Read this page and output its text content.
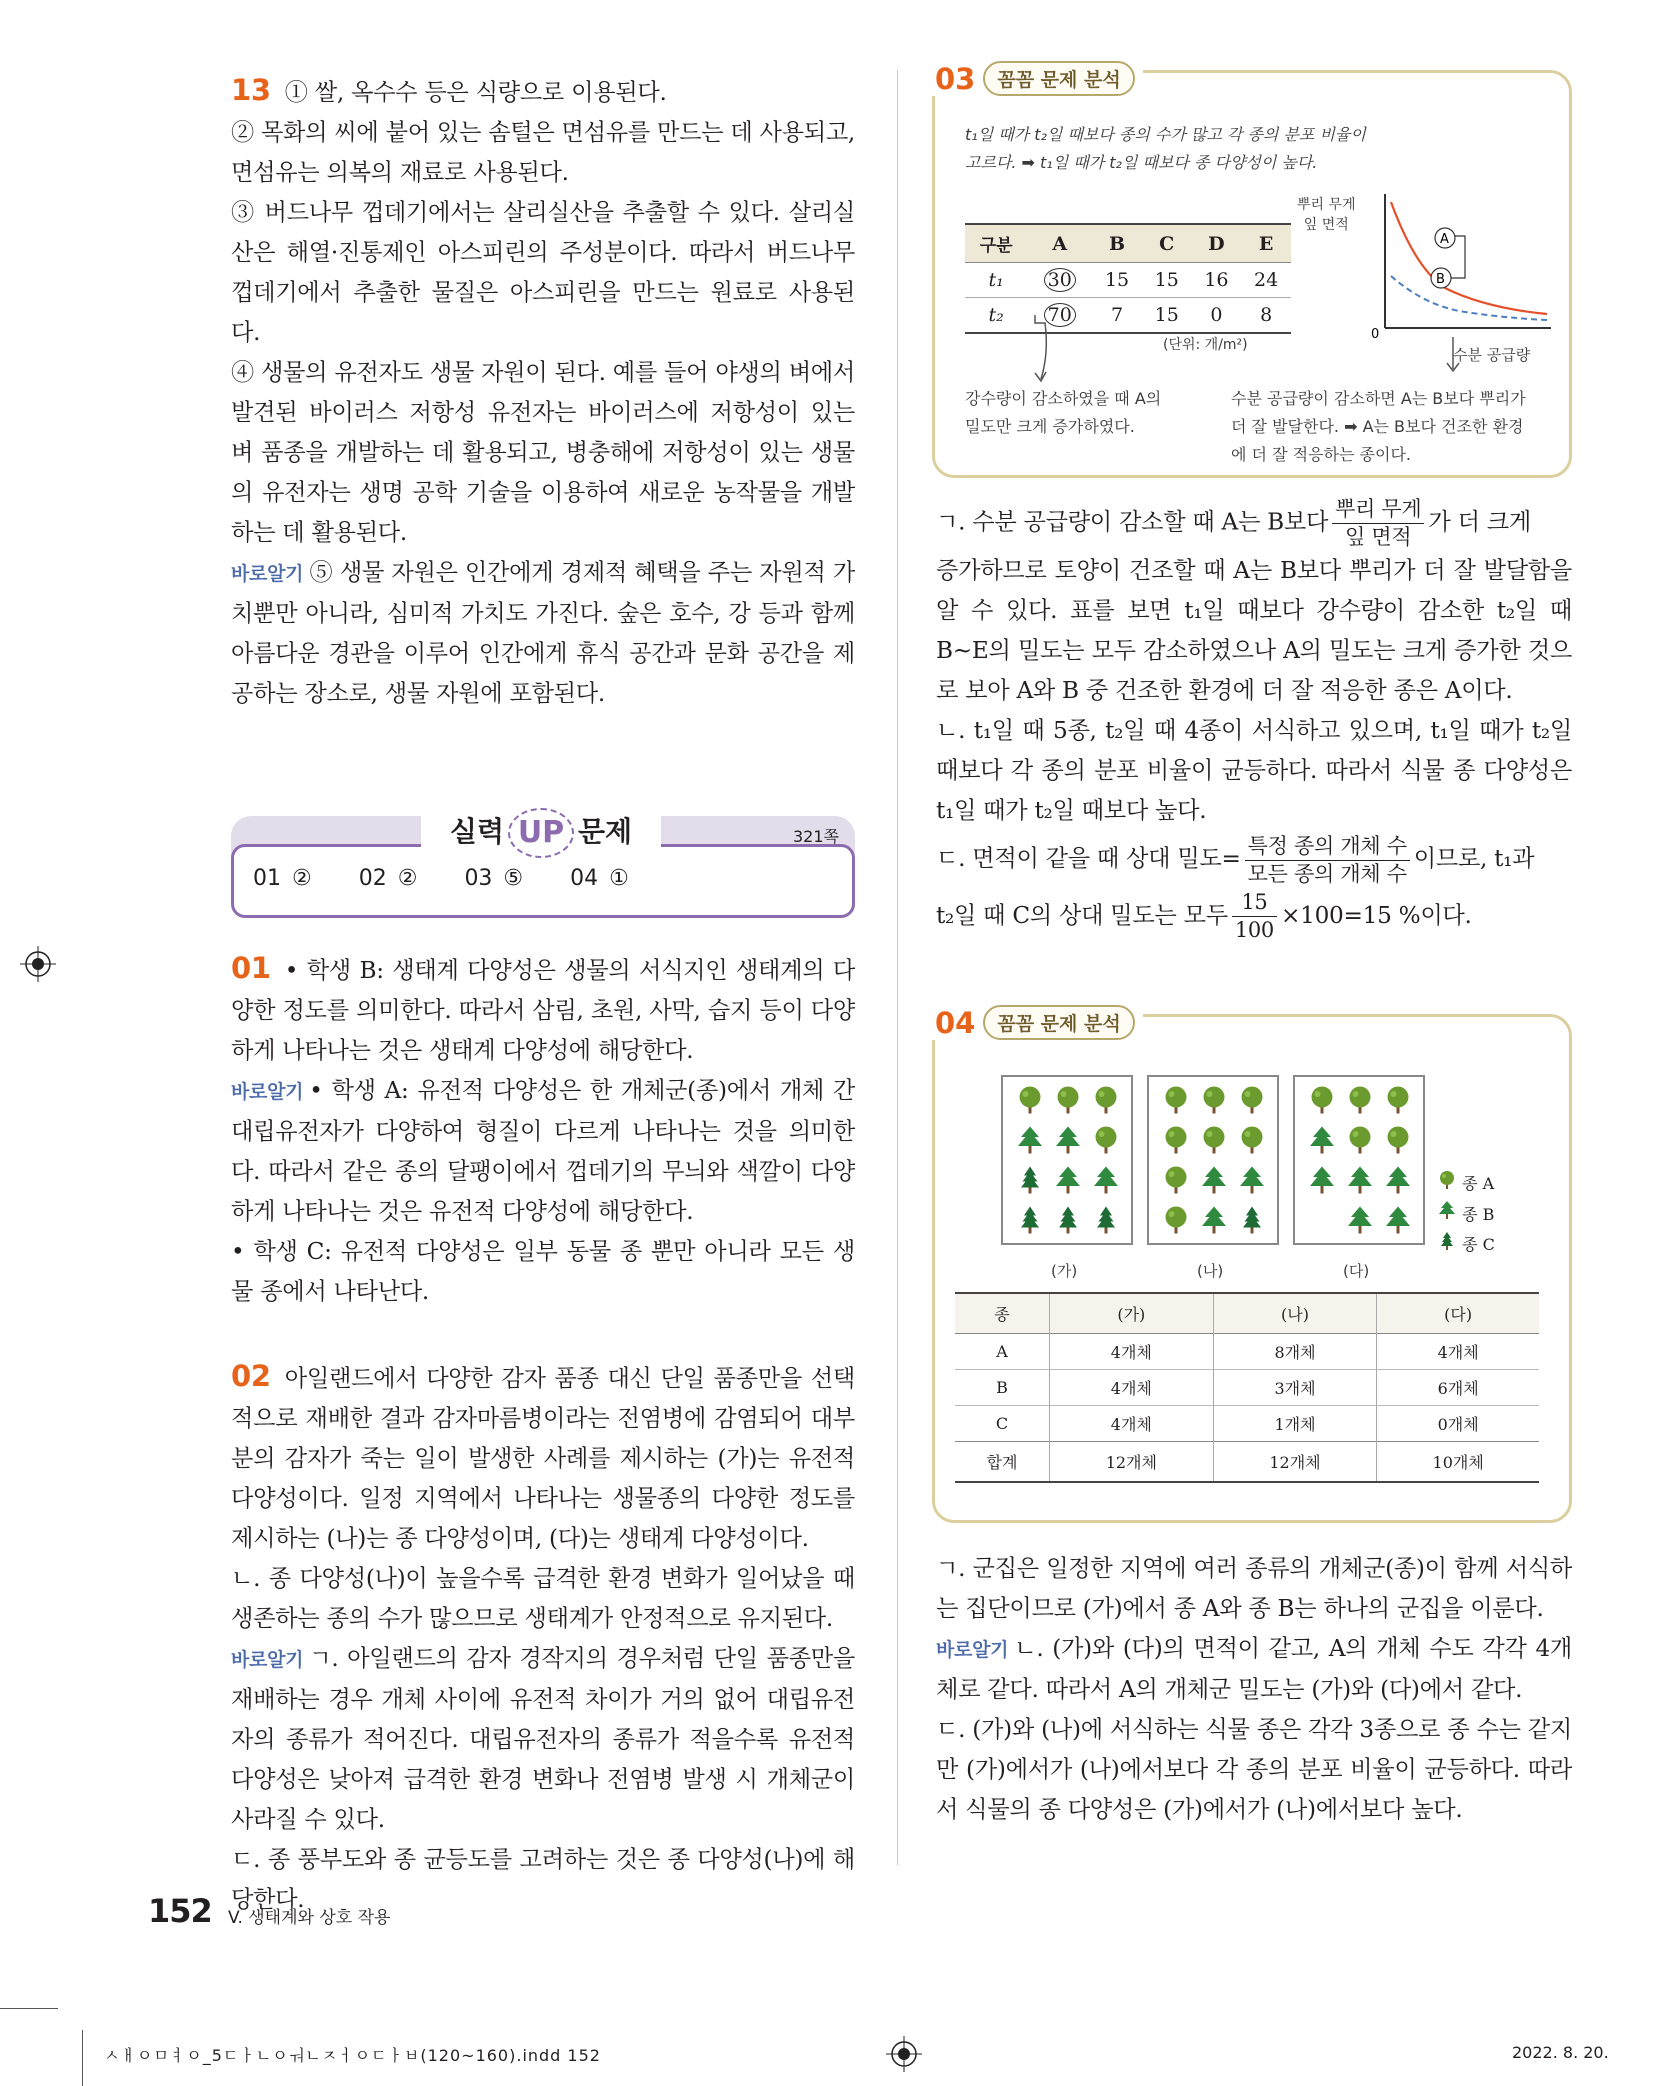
13 ① 쌀, 옥수수 등은 식량으로 이용된다.

② 목화의 씨에 붙어 있는 솜털은 면섬유를 만드는 데 사용되고, 면섬유는 의복의 재료로 사용된다.

③ 버드나무 껍데기에서는 살리실산을 추출할 수 있다. 살리실산은 해열·진통제인 아스피린의 주성분이다. 따라서 버드나무 껍데기에서 추출한 물질은 아스피린을 만드는 원료로 사용된다.

④ 생물의 유전자도 생물 자원이 된다. 예를 들어 야생의 벼에서 발견된 바이러스 저항성 유전자는 바이러스에 저항성이 있는 벼 품종을 개발하는 데 활용되고, 병충해에 저항성이 있는 생물의 유전자는 생명 공학 기술을 이용하여 새로운 농작물을 개발하는 데 활용된다.

바로알기 ⑤ 생물 자원은 인간에게 경제적 혜택을 주는 자원적 가치뿐만 아니라, 심미적 가치도 가진다. 숲은 호수, 강 등과 함께 아름다운 경관을 이루어 인간에게 휴식 공간과 문화 공간을 제공하는 장소로, 생물 자원에 포함된다.

실력 UP 문제	321쪽
01 ② 02 ② 03 ⑤ 04 ①

01 • 학생 B: 생태계 다양성은 생물의 서식지인 생태계의 다양한 정도를 의미한다. 따라서 삼림, 초원, 사막, 습지 등이 다양하게 나타나는 것은 생태계 다양성에 해당한다.

바로알기 • 학생 A: 유전적 다양성은 한 개체군(종)에서 개체 간 대립유전자가 다양하여 형질이 다르게 나타나는 것을 의미한다. 따라서 같은 종의 달팽이에서 껍데기의 무늬와 색깔이 다양하게 나타나는 것은 유전적 다양성에 해당한다.

• 학생 C: 유전적 다양성은 일부 동물 종 뿐만 아니라 모든 생물 종에서 나타난다.

02 아일랜드에서 다양한 감자 품종 대신 단일 품종만을 선택적으로 재배한 결과 감자마름병이라는 전염병에 감염되어 대부분의 감자가 죽는 일이 발생한 사례를 제시하는 (가)는 유전적 다양성이다. 일정 지역에서 나타나는 생물종의 다양한 정도를 제시하는 (나)는 종 다양성이며, (다)는 생태계 다양성이다.

ㄴ. 종 다양성(나)이 높을수록 급격한 환경 변화가 일어났을 때 생존하는 종의 수가 많으므로 생태계가 안정적으로 유지된다.

바로알기 ㄱ. 아일랜드의 감자 경작지의 경우처럼 단일 품종만을 재배하는 경우 개체 사이에 유전적 차이가 거의 없어 대립유전자의 종류가 적어진다. 대립유전자의 종류가 적을수록 유전적 다양성은 낮아져 급격한 환경 변화나 전염병 발생 시 개체군이 사라질 수 있다.

ㄷ. 종 풍부도와 종 균등도를 고려하는 것은 종 다양성(나)에 해당한다.

03	꼼꼼 문제 분석
t₁일 때가 t₂일 때보다 종의 수가 많고 각 종의 분포 비율이
고르다. ➡ t₁일 때가 t₂일 때보다 종 다양성이 높다.
구분	A	B	C	D	E
t₁	30	15	15	16	24
t₂	70	7	15	0	8
(단위: 개/m²)
뿌리 무게
잎 면적
A
B
0
수분 공급량
강수량이 감소하였을 때 A의
밀도만 크게 증가하였다.
수분 공급량이 감소하면 A는 B보다 뿌리가
더 잘 발달한다. ➡ A는 B보다 건조한 환경
에 더 잘 적응하는 종이다.

ㄱ. 수분 공급량이 감소할 때 A는 B보다 $\frac{\text{뿌리 무게}}{\text{잎 면적}}$ 가 더 크게

증가하므로 토양이 건조할 때 A는 B보다 뿌리가 더 잘 발달함을 알 수 있다. 표를 보면 t₁일 때보다 강수량이 감소한 t₂일 때 B~E의 밀도는 모두 감소하였으나 A의 밀도는 크게 증가한 것으로 보아 A와 B 중 건조한 환경에 더 잘 적응한 종은 A이다.

ㄴ. t₁일 때 5종, t₂일 때 4종이 서식하고 있으며, t₁일 때가 t₂일 때보다 각 종의 분포 비율이 균등하다. 따라서 식물 종 다양성은 t₁일 때가 t₂일 때보다 높다.

ㄷ. 면적이 같을 때 상대 밀도= $\frac{\text{특정 종의 개체 수}}{\text{모든 종의 개체 수}}$ 이므로, t₁과

t₂일 때 C의 상대 밀도는 모두 $\frac{15}{100} \times 100=15$ %이다.

04	꼼꼼 문제 분석
(가)	(나)	(다)
종 A
종 B
종 C
종	(가)	(나)	(다)
A	4개체	8개체	4개체
B	4개체	3개체	6개체
C	4개체	1개체	0개체
합계	12개체	12개체	10개체

ㄱ. 군집은 일정한 지역에 여러 종류의 개체군(종)이 함께 서식하는 집단이므로 (가)에서 종 A와 종 B는 하나의 군집을 이룬다.

바로알기 ㄴ. (가)와 (다)의 면적이 같고, A의 개체 수도 각각 4개체로 같다. 따라서 A의 개체군 밀도는 (가)와 (다)에서 같다.

ㄷ. (가)와 (나)에 서식하는 식물 종은 각각 3종으로 종 수는 같지만 (가)에서가 (나)에서보다 각 종의 분포 비율이 균등하다. 따라서 식물의 종 다양성은 (가)에서가 (나)에서보다 높다.

152 V. 생태계와 상호 작용
ㅅㅐㅇㅁㅕㅇ_5ㄷㅏㄴㅇㅝㄴㅈㅓㅇㄷㅏㅂ(120~160).indd 152	2022. 8. 20.
